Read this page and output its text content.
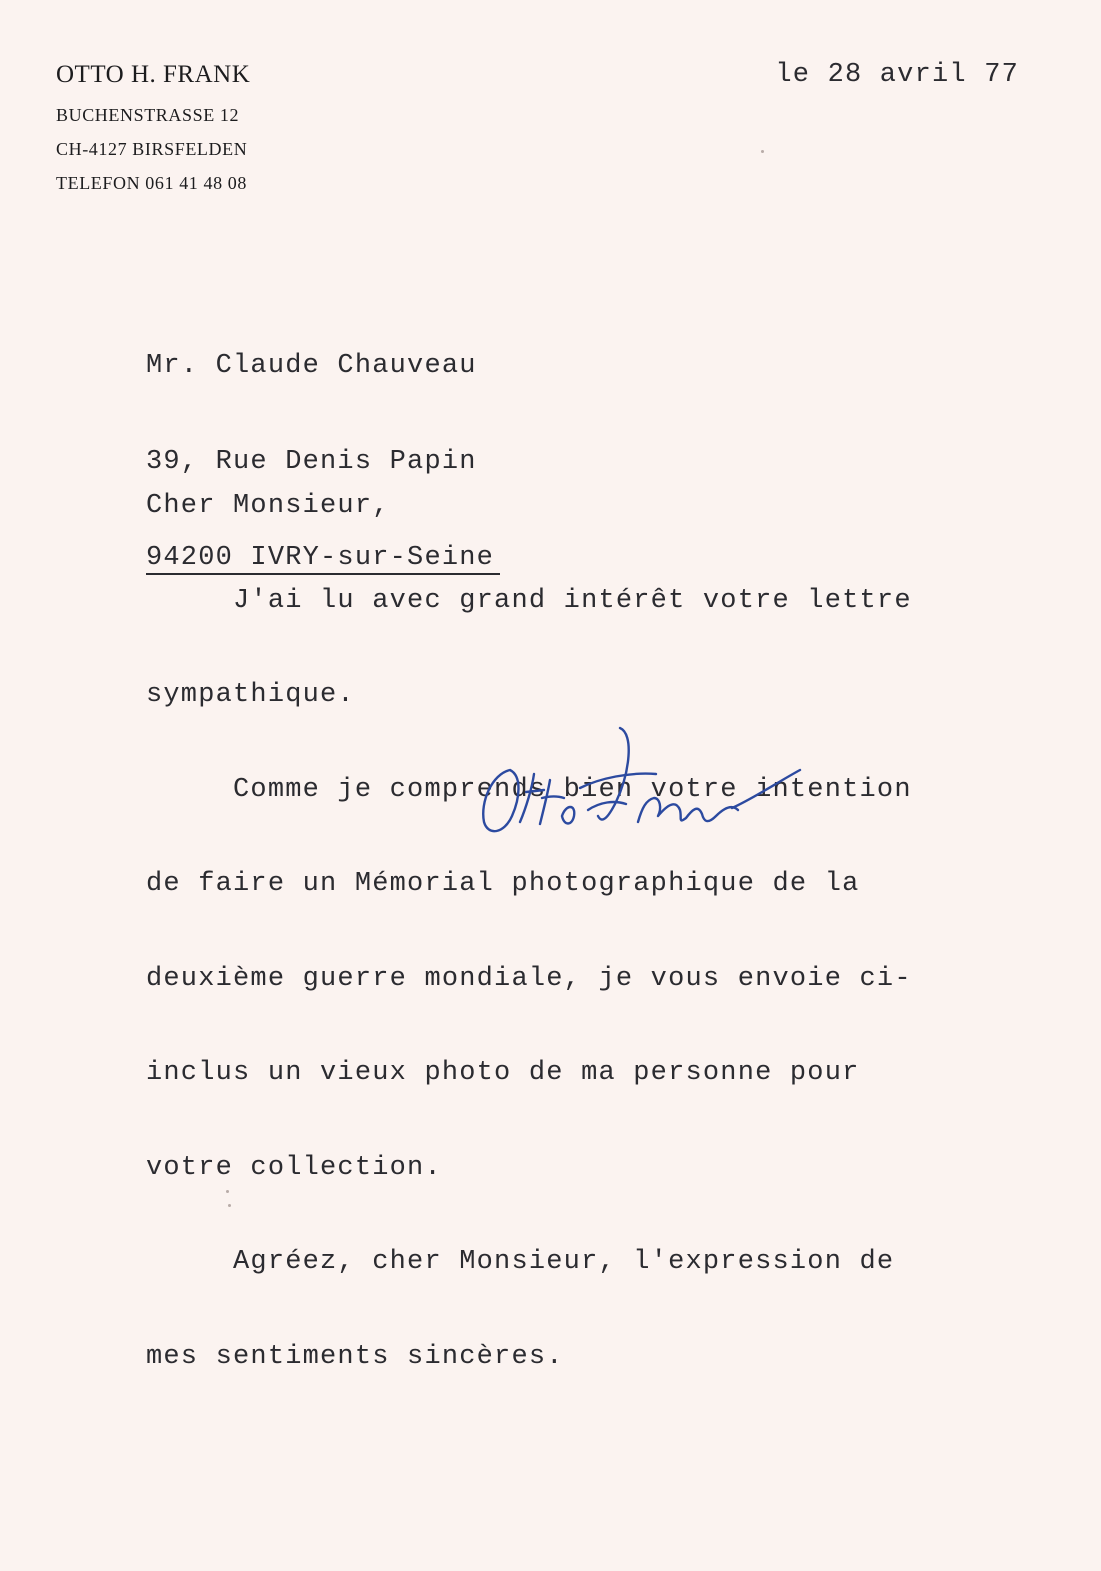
OTTO H. FRANK
BUCHENSTRASSE 12
CH-4127 BIRSFELDEN
TELEFON 061 41 48 08
le 28 avril 77

Mr. Claude Chauveau

39, Rue Denis Papin

94200 IVRY-sur-Seine

Cher Monsieur,

J'ai lu avec grand intérêt votre lettre

sympathique.

Comme je comprends bien votre intention

de faire un Mémorial photographique de la

deuxième guerre mondiale, je vous envoie ci-

inclus un vieux photo de ma personne pour

votre collection.

Agréez, cher Monsieur, l'expression de

mes sentiments sincères.
